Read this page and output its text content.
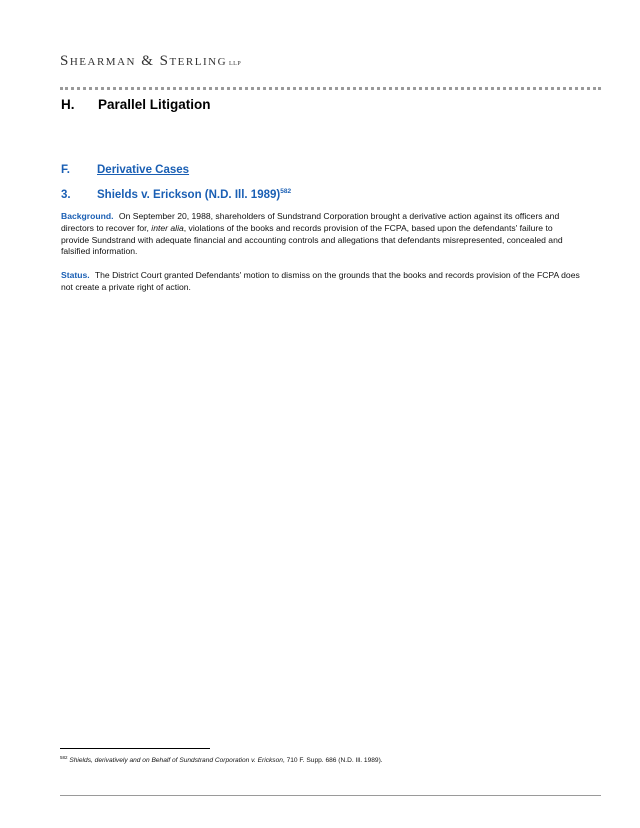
Shearman & Sterling LLP
H. Parallel Litigation
F. Derivative Cases
3. Shields v. Erickson (N.D. Ill. 1989)$^{582}$
Background. On September 20, 1988, shareholders of Sundstrand Corporation brought a derivative action against its officers and directors to recover for, inter alia, violations of the books and records provision of the FCPA, based upon the defendants' failure to provide Sundstrand with adequate financial and accounting controls and allegations that defendants misrepresented, concealed and falsified information.
Status. The District Court granted Defendants' motion to dismiss on the grounds that the books and records provision of the FCPA does not create a private right of action.
$^{582}$ Shields, derivatively and on Behalf of Sundstrand Corporation v. Erickson, 710 F. Supp. 686 (N.D. Ill. 1989).
